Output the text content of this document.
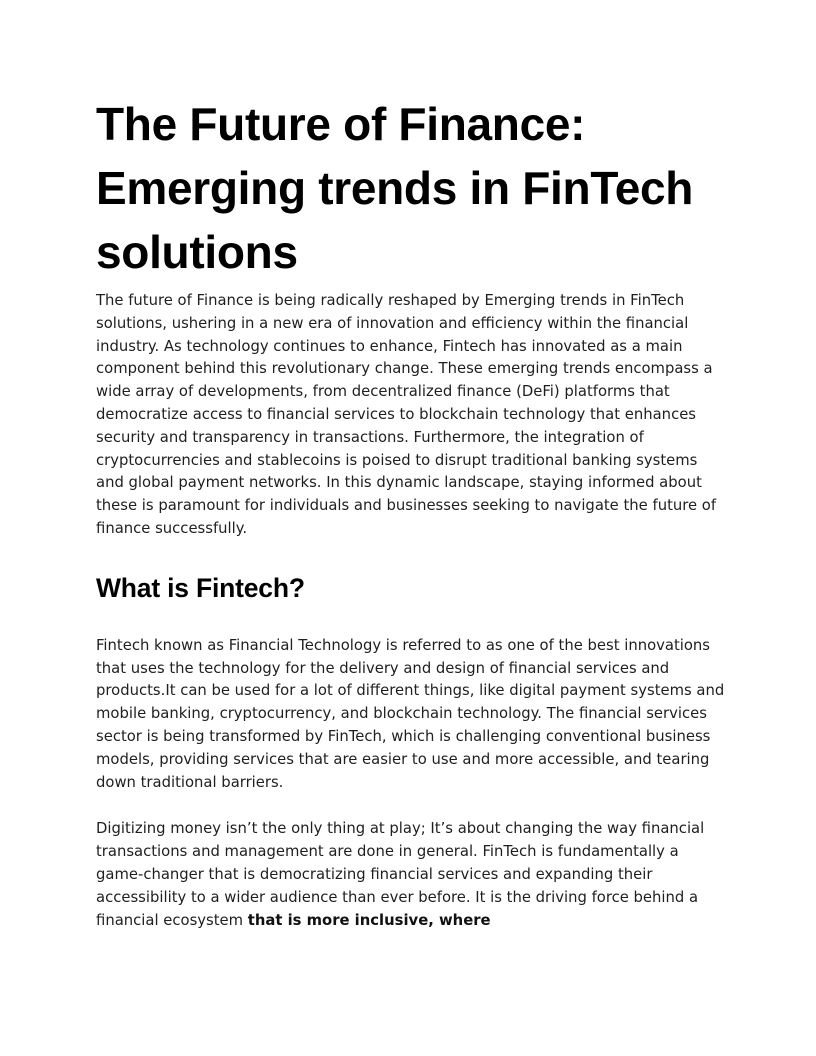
The Future of Finance: Emerging trends in FinTech solutions

The future of Finance is being radically reshaped by Emerging trends in FinTech solutions, ushering in a new era of innovation and efficiency within the financial industry. As technology continues to enhance, Fintech has innovated as a main component behind this revolutionary change. These emerging trends encompass a wide array of developments, from decentralized finance (DeFi) platforms that democratize access to financial services to blockchain technology that enhances security and transparency in transactions. Furthermore, the integration of cryptocurrencies and stablecoins is poised to disrupt traditional banking systems and global payment networks. In this dynamic landscape, staying informed about these is paramount for individuals and businesses seeking to navigate the future of finance successfully.

What is Fintech?

Fintech known as Financial Technology is referred to as one of the best innovations that uses the technology for the delivery and design of financial services and products.It can be used for a lot of different things, like digital payment systems and mobile banking, cryptocurrency, and blockchain technology. The financial services sector is being transformed by FinTech, which is challenging conventional business models, providing services that are easier to use and more accessible, and tearing down traditional barriers.

Digitizing money isn’t the only thing at play; It’s about changing the way financial transactions and management are done in general. FinTech is fundamentally a game-changer that is democratizing financial services and expanding their accessibility to a wider audience than ever before. It is the driving force behind a financial ecosystem that is more inclusive, where
